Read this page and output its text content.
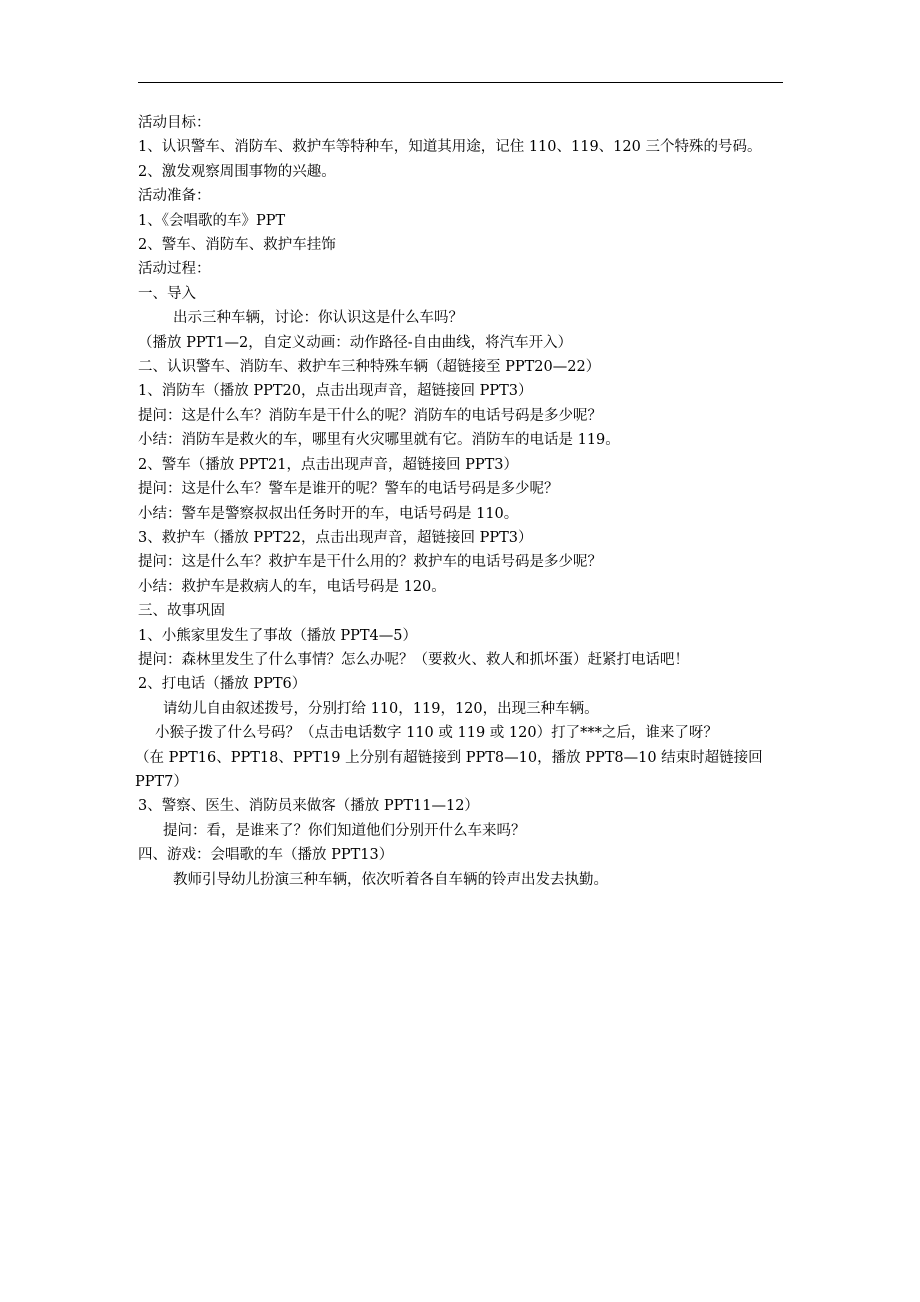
活动目标：

1、认识警车、消防车、救护车等特种车，知道其用途，记住 110、119、120 三个特殊的号码。

2、激发观察周围事物的兴趣。

活动准备：

1、《会唱歌的车》PPT

2、警车、消防车、救护车挂饰

活动过程：

一、导入

出示三种车辆，讨论：你认识这是什么车吗？

（播放 PPT1—2，自定义动画：动作路径-自由曲线，将汽车开入）

二、认识警车、消防车、救护车三种特殊车辆（超链接至 PPT20—22）

1、消防车（播放 PPT20，点击出现声音，超链接回 PPT3）

提问：这是什么车？消防车是干什么的呢？消防车的电话号码是多少呢？

小结：消防车是救火的车，哪里有火灾哪里就有它。消防车的电话是 119。

2、警车（播放 PPT21，点击出现声音，超链接回 PPT3）

提问：这是什么车？警车是谁开的呢？警车的电话号码是多少呢？

小结：警车是警察叔叔出任务时开的车，电话号码是 110。

3、救护车（播放 PPT22，点击出现声音，超链接回 PPT3）

提问：这是什么车？救护车是干什么用的？救护车的电话号码是多少呢？

小结：救护车是救病人的车，电话号码是 120。

三、故事巩固

1、小熊家里发生了事故（播放 PPT4—5）

提问：森林里发生了什么事情？怎么办呢？（要救火、救人和抓坏蛋）赶紧打电话吧！

2、打电话（播放 PPT6）

请幼儿自由叙述拨号，分别打给 110，119，120，出现三种车辆。

小猴子拨了什么号码？（点击电话数字 110 或 119 或 120）打了***之后，谁来了呀？

（在 PPT16、PPT18、PPT19 上分别有超链接到 PPT8—10，播放 PPT8—10 结束时超链接回 PPT7）

3、警察、医生、消防员来做客（播放 PPT11—12）

提问：看，是谁来了？你们知道他们分别开什么车来吗？

四、游戏：会唱歌的车（播放 PPT13）

教师引导幼儿扮演三种车辆，依次听着各自车辆的铃声出发去执勤。
